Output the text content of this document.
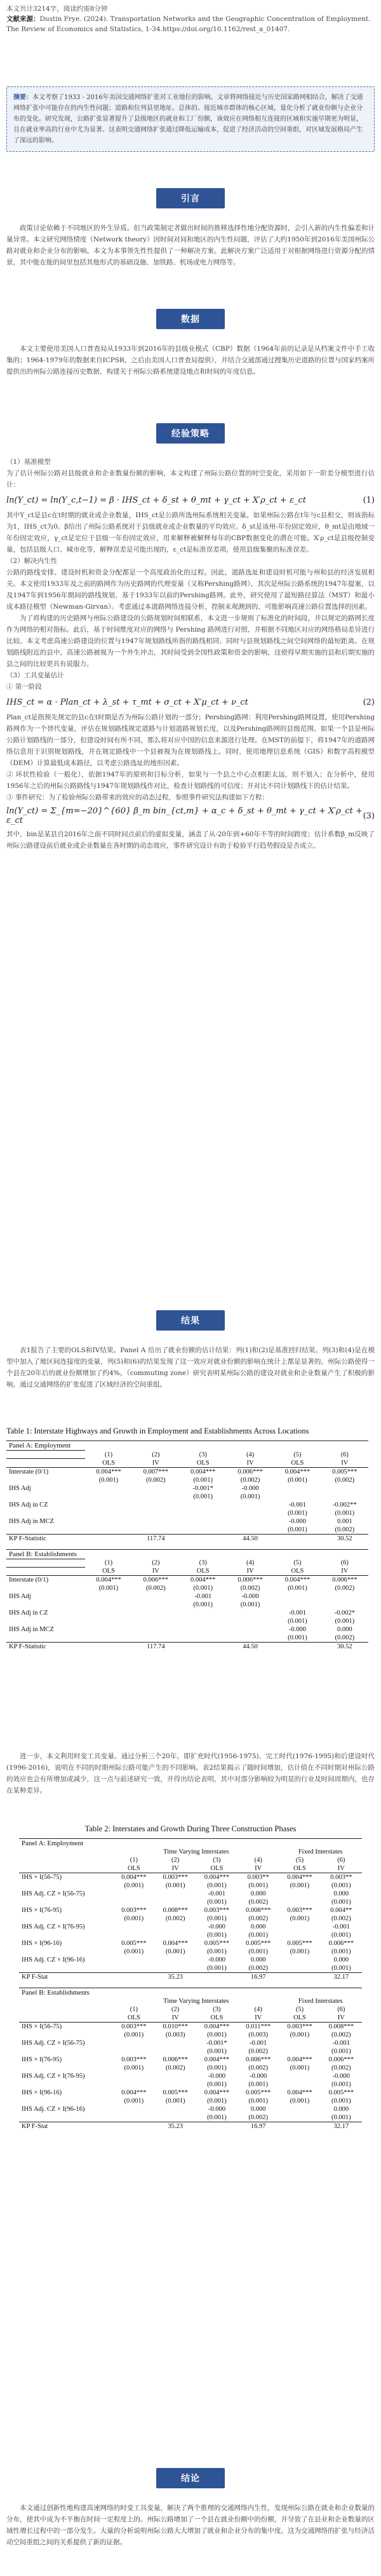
本文共计3214字，阅读约需8分钟
文献来源：Dustin Frye. (2024). Transportation Networks and the Geographic Concentration of Employment. The Review of Economics and Statistics, 1-34.https://doi.org/10.1162/rest_a_01407.
摘要：本文考察了1933 - 2016年美国交通网络扩张对工业地位的影响。文章将网络接近与历史国家路网相结合，解决了交通网络扩张中可能存在的内生性问题；道路和位列县里地址、总体的、接近城市群体的核心区域，量化分析了就业份额与企业分布的变化。研究发现，公路扩张显著提升了县级地区的就业和工厂份额，该效应在网络相互连接的区域和实施早期更为明显，且在就业率高的行业中尤为显著。这表明交通网络扩张通过降低运输成本，促进了经济活动的空间重组，对区域发展格局产生了深远的影响。
引言

政策讨论依赖于不同地区的外生异质。但当政策制定者做出时间的推移选择性地分配资源时，会引入新的内生性偏差和计量异常。本文研究网络情度（Network theory）因时间对间和地区的内生性问题，评估了大约1950年到2016年美国州际公路对就业和企业分布的影响。本文为本事领先性性提供了一种解决方案。此解决方案广泛适用于对根据网络进行资源分配的情景，其中能在能的间里包括其他形式的基础设施、加铁路、机场或电力网络等。

数据

本文主要使用美国人口普查局从1933年到2016年的县级业模式（CBP）数据（1964年前的记录是从档案文件中手工收集的；1964-1979年的数据来自ICPSR，之后由美国人口普查局提供），并结合交通部通过搜集历史道路的位置与国家档案所提供出的州际公路连接历史数据，构建关于州际公路系统建设地点和时间的年度信息。

经验策略

（1）基准模型

为了估计州际公路对县级就业和企业数量份额的影响，本文构建了州际公路位置的时空变化，采用如下一阶差分模型进行估计：

ln(Y_ct) = ln(Y_c,t−1) = β · IHS_ct + δ_st + θ_mt + γ_ct + X′ρ_ct + ε_ct	(1)

其中Y_ct是县c在t时期的就业或企业数量，IHS_ct是公路所选州际系统相关变量。如果州际公路在t年与c县相交，则该指标为1，IHS_ct为0。β给出了州际公路系统对于县级就业或企业数量的平均效应。δ_st是该州-年份固定效应，θ_mt是由地域一年份固定效应，γ_ct是定位于县级一年份固定效应，用来解释被解释每年的CBP数据变化的潜在可能。X′ρ_ct是县级控制变量，包括县级人口、城市化等，解释误差是可能出现的，ε_ct是标准误差项，使用县级集聚的标准误差。

（2）解决内生性

公路的路线安排、建设时机和资金分配都是一个高度政治化的过程。因此，道路选址和建设时机可能与州和县的经济发展相关。本文使用1933年及之前的路网作为历史路网的代理变量（又称Pershing路网），其次是州际公路系统的1947年提案，以及1947年到1956年期间的路线规划，基于1933年以前的Pershing路网。此外，研究使用了最短路径算法（MST）和最小成本路径模型（Newman-Girvan）。考虑通过本道路网络连接分析，控制未观测到的、可能影响高速公路位置选择的因素。

为了将构建的历史路网与州际公路建设的公路规划时间相联系，本文进一步规则了标准化的时间段，并以规定的路网长度作为网络的相对指标。此后，基于时间维度对应的网络与 Pershing 路网进行对照，并根据不同地区对应的网络格局差异进行比较。本文考虑高速公路建设的位置与1947年规划路线所指的路线相同、同时与县规划路线之间空间网络的最短距离。在规划路线附近的县中，高速公路被视为一个外生冲击，其时间受到全国性政策和资金的影响，这使得早期实施的县和后期实施的县之间的比较更具有说服力。

（3）工具变量估计

① 第一阶段

IHS_ct = α · Plan_ct + λ_st + τ_mt + σ_ct + X′μ_ct + ν_ct	(2)

Plan_ct是指预先规定的县c在t时期是否为州际公路计划的一部分；Pershing路网：利用Pershing路网设置，使用Pershing路网作为一个替代变量，评估在规划路线规定道路与计划道路规划长度，以及Pershing路网的县级范围。如果一个县是州际公路计划路线的一部分，但建设时间有所不同，那么将对应中国的信息来源进行处理。在MST的前提下，将1947年的道路网络信息用于识别规划路线，并在规定路线中一个县被视为在规划路线上。同时，使用地理信息系统（GIS）和数字高程模型（DEM）计算最低成本路径，以考虑公路选址的地形因素。

② 环状性检验（一般化），依据1947年的原则和目标分析，如果与一个县之中心点相距太远，则不划入；在分析中，使用1956年之后的州际公路路线与1947年规划路线作对比，检查计划路线的可信度；并对比不同计划路线下的估计结果。

③ 事件研究：为了检验州际公路带来的效应的动态过程，参照事件研究法构建如下方程：

ln(Y_ct) = Σ_{m=−20}^{60} β_m bin_{ct,m} + α_c + δ_st + θ_mt + γ_ct + X′ρ_ct + ε_ct	(3)

其中，bin是某县自2016年之前不同时间点前后的虚拟变量，涵盖了从-20年到+60年不等的时间跨度；估计系数β_m反映了州际公路建设前后就业或企业数量在各时期的动态效应，事件研究设计有助于检验平行趋势假设是否成立。

结果

表1报告了主要的OLS和IV结果。Panel A 给出了就业份额的估计结果：列(1)和(2)是基准回归结果。列(3)和(4)是在模型中加入了地区间连接度的变量，列(5)和(6)的结果发现了这一效应对就业份额的影响在统计上都是显著的。州际公路使得一个县在20年后的就业份额增加了约4%。（commuting zone）研究表明某州际公路的建设对就业和企业数量产生了积极的影响，通过交通网络的扩张促进了区域经济的空间重组。

Table 1: Interstate Highways and Growth in Employment and Establishments Across Locations
Panel A: Employment						
	(1)	(2)	(3)	(4)	(5)	(6)
	OLS	IV	OLS	IV	OLS	IV
Interstate (0/1)	0.004***	0.007***	0.004***	0.006***	0.004***	0.005***
	(0.001)	(0.002)	(0.001)	(0.002)	(0.001)	(0.002)
IHS Adj			-0.001*	-0.000		
			(0.001)	(0.001)		
IHS Adj in CZ					-0.001	-0.002**
					(0.001)	(0.001)
IHS Adj in MCZ					-0.000	0.001
					(0.001)	(0.002)
KP F-Statistic		117.74		44.50		30.52

Panel B: Establishments						
	(1)	(2)	(3)	(4)	(5)	(6)
	OLS	IV	OLS	IV	OLS	IV
Interstate (0/1)	0.004***	0.006***	0.004***	0.006***	0.004***	0.006***
	(0.001)	(0.002)	(0.001)	(0.002)	(0.001)	(0.002)
IHS Adj			-0.001	-0.000		
			(0.001)	(0.001)		
IHS Adj in CZ					-0.001	-0.002*
					(0.001)	(0.001)
IHS Adj in MCZ					-0.000	0.000
					(0.001)	(0.002)
KP F-Statistic		117.74		44.50		30.52

进一步，本文利用时变工具变量。通过分析三个20年，即扩充时代(1956-1975)、完工时代(1976-1995)和后建设时代(1996-2016)，说明在不同的时期州际公路可能产生的不同影响。表2结果揭示了随时间增加，估计值在不同时期对州际公路的效应也会有所增加或减少，这一点与前述研究一致，并得出结论表明，其中对部分影响较为明显的行业及时间周期内，也存在某种差异。

Table 2: Interstates and Growth During Three Construction Phases
Panel A: Employment						
	Time Varying Interstates				Fixed Interstates	
	(1)	(2)	(3)	(4)	(5)	(6)
	OLS	IV	OLS	IV	OLS	IV
IHS × I(56-75)	0.004***	0.003***	0.004***	0.003**	0.004***	0.003**
	(0.001)	(0.001)	(0.001)	(0.001)	(0.001)	(0.001)
IHS Adj. CZ × I(56-75)			-0.001	0.000		0.000
			(0.001)	(0.002)		(0.001)
IHS × I(76-95)	0.003***	0.008***	0.003***	0.008***	0.003***	0.004**
	(0.001)	(0.002)	(0.001)	(0.002)	(0.001)	(0.002)
IHS Adj. CZ × I(76-95)			-0.000	0.000		-0.001
			(0.001)	(0.001)		(0.001)
IHS × I(96-16)	0.005***	0.004***	0.005***	0.005***	0.005***	0.006***
	(0.001)	(0.001)	(0.001)	(0.001)	(0.001)	(0.001)
IHS Adj. CZ × I(96-16)			-0.000	0.000		0.000
			(0.001)	(0.002)		(0.001)
KP F-Stat		35.23		16.97		32.17

Panel B: Establishments						
	Time Varying Interstates				Fixed Interstates	
	(1)	(2)	(3)	(4)	(5)	(6)
	OLS	IV	OLS	IV	OLS	IV
IHS × I(56-75)	0.003***	0.010***	0.004***	0.011***	0.003***	0.008***
	(0.001)	(0.003)	(0.001)	(0.003)	(0.001)	(0.002)
IHS Adj. CZ × I(56-75)			-0.001*	-0.001		-0.001
			(0.001)	(0.002)		(0.001)
IHS × I(76-95)	0.003***	0.006***	0.004***	0.006***	0.004***	0.006***
	(0.001)	(0.002)	(0.001)	(0.002)	(0.001)	(0.002)
IHS Adj. CZ × I(76-95)			-0.000	-0.000		-0.000
			(0.001)	(0.001)		(0.001)
IHS × I(96-16)	0.004***	0.005***	0.004***	0.005***	0.004***	0.005***
	(0.001)	(0.001)	(0.001)	(0.001)	(0.001)	(0.001)
IHS Adj. CZ × I(96-16)			-0.000	0.000		0.000
			(0.001)	(0.002)		(0.001)
KP F-Stat		35.23		16.97		32.17

结论

本文通过创新性地构建高速网络的时变工具变量，解决了两个推理的交通网络内生性，发现州际公路在就业和企业数量的分布，使其中成为不平衡在时间一定程度上的。州际公路增加了一个县在就业份额中的份额，并导致了在县业和企业数量的区域性增长过程中的一部分发生。大量的分析说明州际公路大大增加了就业和企业分布的集中度。这为交通网络的扩张与经济活动空间重组之间的关系提供了新的证据。
